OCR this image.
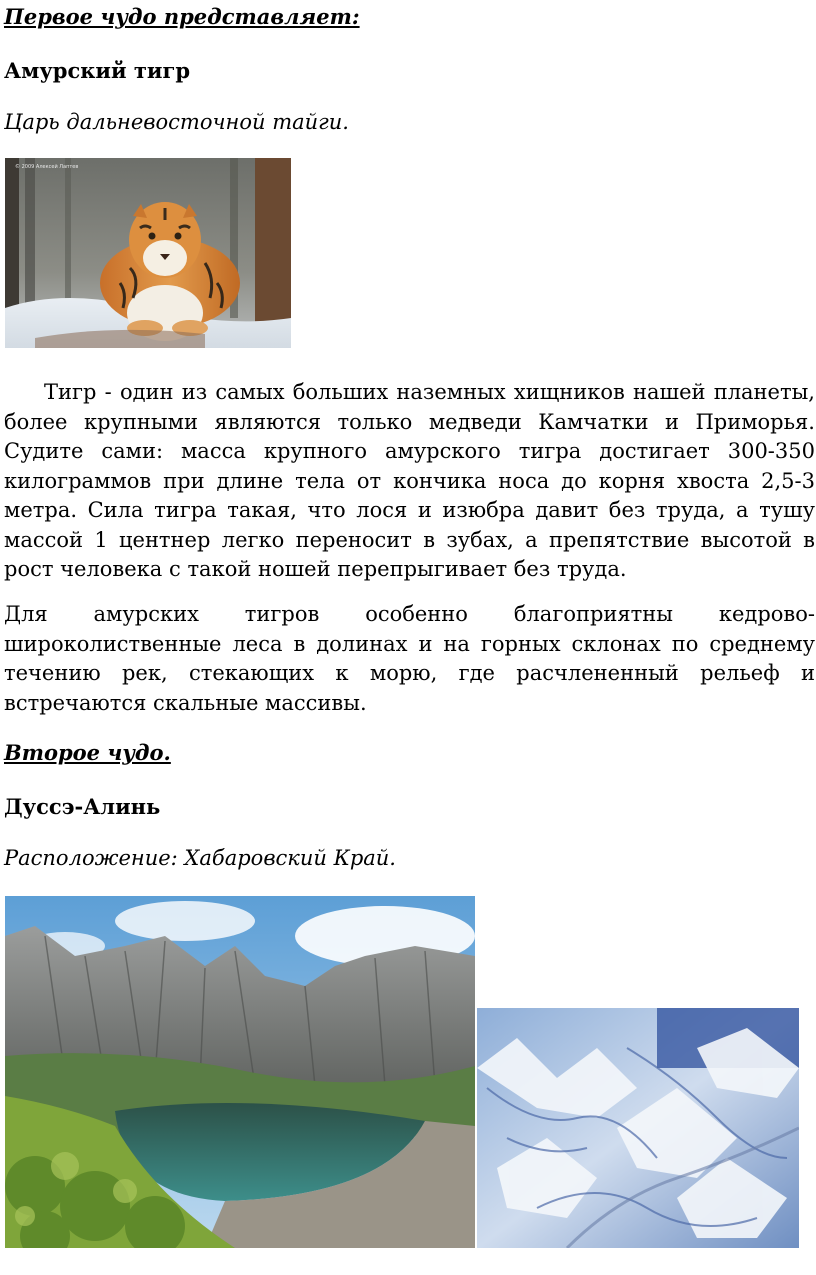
Первое чудо представляет:
Амурский тигр
Царь дальневосточной тайги.
© 2009 Алексей Лаптев

Тигр - один из самых больших наземных хищников нашей планеты, более крупными являются только медведи Камчатки и Приморья. Судите сами: масса крупного амурского тигра достигает 300-350 килограммов при длине тела от кончика носа до корня хвоста 2,5-3 метра. Сила тигра такая, что лося и изюбра давит без труда, а тушу массой 1 центнер легко переносит в зубах, а препятствие высотой в рост человека с такой ношей перепрыгивает без труда.

Для амурских тигров особенно благоприятны кедрово-широколиственные леса в долинах и на горных склонах по среднему течению рек, стекающих к морю, где расчлененный рельеф и встречаются скальные массивы.

Второе чудо.
Дуссэ-Алинь
Расположение: Хабаровский Край.
